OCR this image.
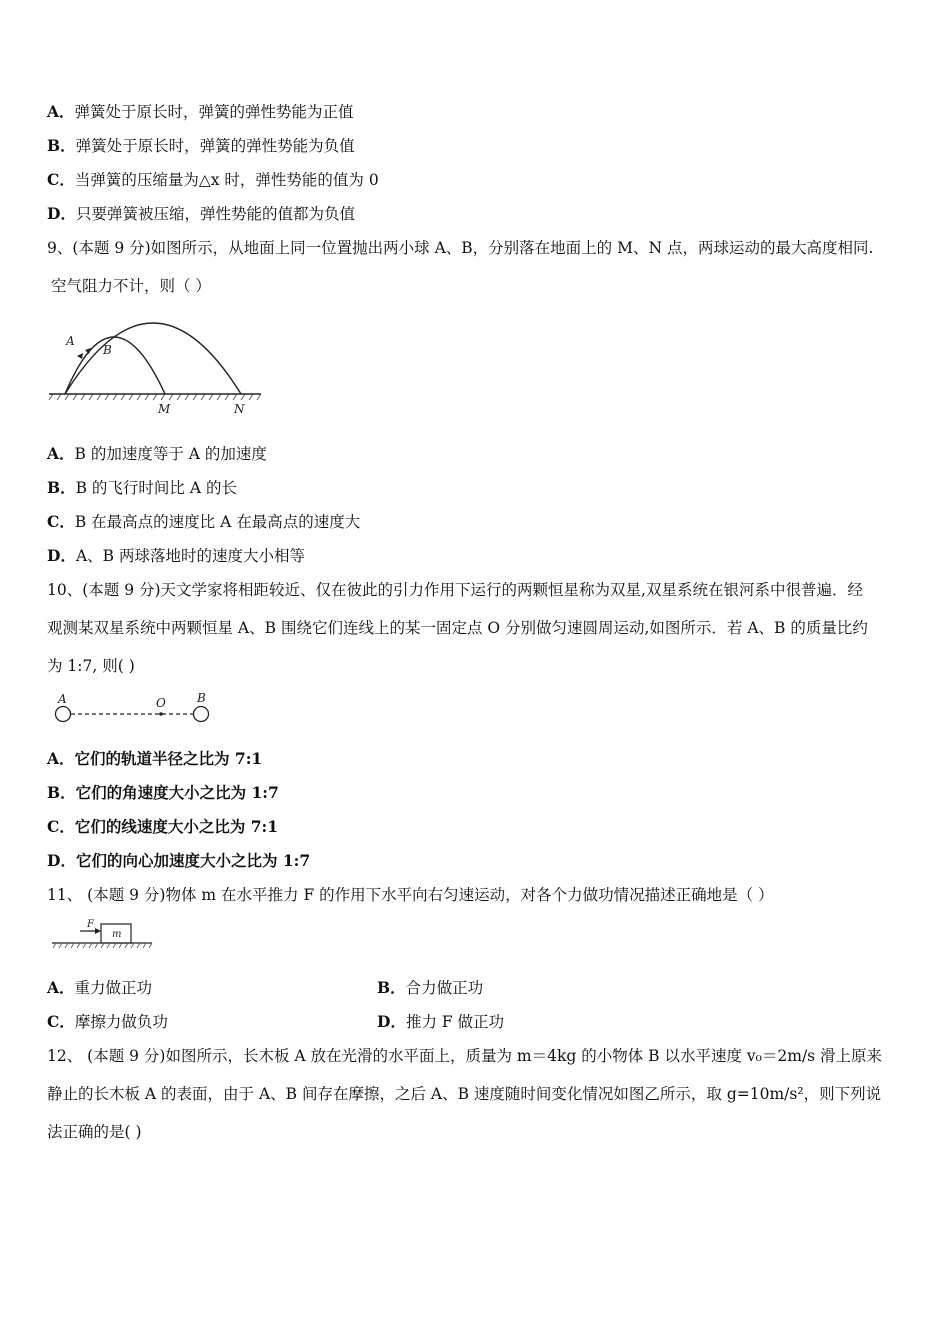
A．弹簧处于原长时，弹簧的弹性势能为正值
B．弹簧处于原长时，弹簧的弹性势能为负值
C．当弹簧的压缩量为△x 时，弹性势能的值为 0
D．只要弹簧被压缩，弹性势能的值都为负值
9、(本题 9 分)如图所示，从地面上同一位置抛出两小球 A、B，分别落在地面上的 M、N 点，两球运动的最大高度相同.
空气阻力不计，则（ ）
A
B
M	N
A．B 的加速度等于 A 的加速度
B．B 的飞行时间比 A 的长
C．B 在最高点的速度比 A 在最高点的速度大
D．A、B 两球落地时的速度大小相等
10、(本题 9 分)天文学家将相距较近、仅在彼此的引力作用下运行的两颗恒星称为双星,双星系统在银河系中很普遍．经
观测某双星系统中两颗恒星 A、B 围绕它们连线上的某一固定点 O 分别做匀速圆周运动,如图所示．若 A、B 的质量比约
为 1:7, 则( )
A	O	B
A．它们的轨道半径之比为 7:1
B．它们的角速度大小之比为 1:7
C．它们的线速度大小之比为 7:1
D．它们的向心加速度大小之比为 1:7
11、 (本题 9 分)物体 m 在水平推力 F 的作用下水平向右匀速运动，对各个力做功情况描述正确地是（ ）
F
m
A．重力做正功	B．合力做正功
C．摩擦力做负功	D．推力 F 做正功
12、 (本题 9 分)如图所示，长木板 A 放在光滑的水平面上，质量为 m＝4kg 的小物体 B 以水平速度 v₀＝2m/s 滑上原来
静止的长木板 A 的表面，由于 A、B 间存在摩擦，之后 A、B 速度随时间变化情况如图乙所示，取 g=10m/s²，则下列说
法正确的是( )
